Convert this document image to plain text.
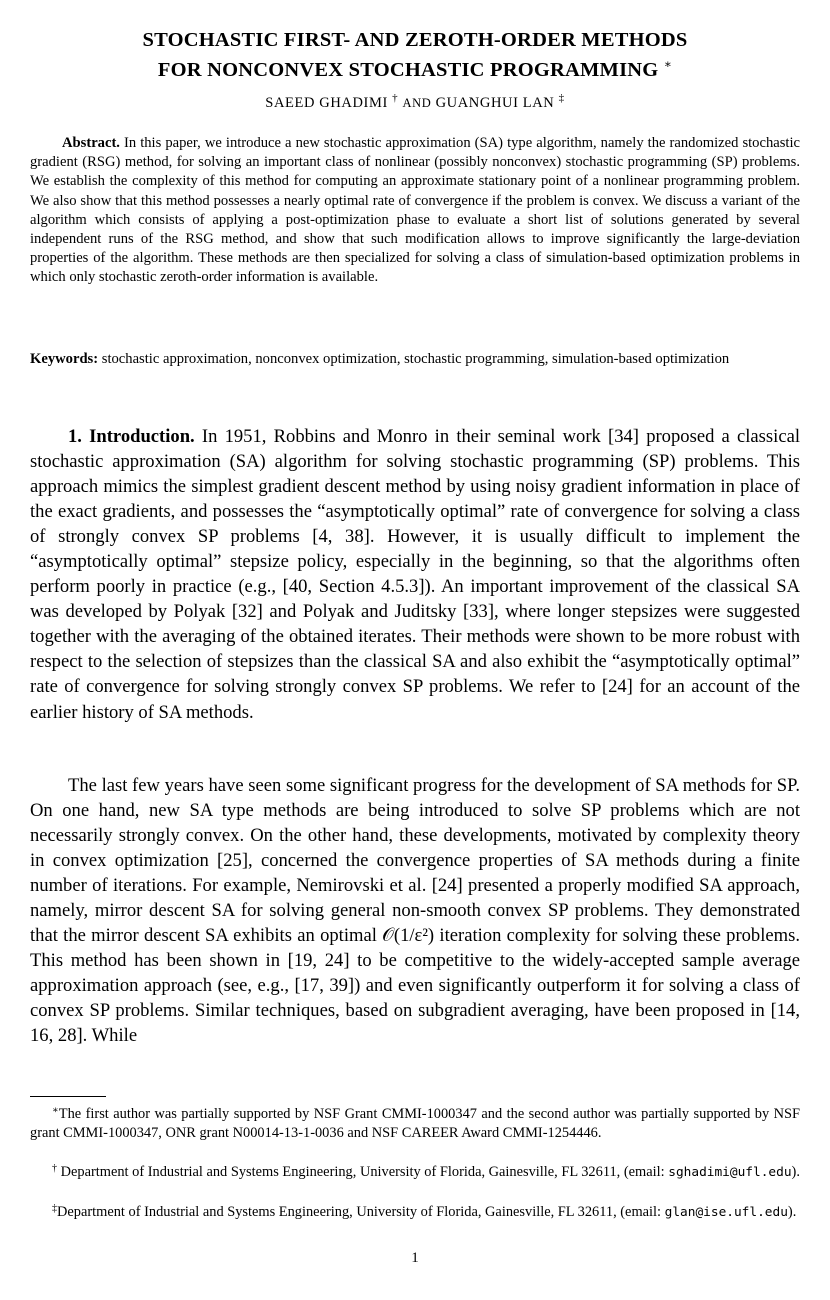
STOCHASTIC FIRST- AND ZEROTH-ORDER METHODS
FOR NONCONVEX STOCHASTIC PROGRAMMING ∗
SAEED GHADIMI † AND GUANGHUI LAN ‡

Abstract. In this paper, we introduce a new stochastic approximation (SA) type algorithm, namely the randomized stochastic gradient (RSG) method, for solving an important class of nonlinear (possibly nonconvex) stochastic programming (SP) problems. We establish the complexity of this method for computing an approximate stationary point of a nonlinear programming problem. We also show that this method possesses a nearly optimal rate of convergence if the problem is convex. We discuss a variant of the algorithm which consists of applying a post-optimization phase to evaluate a short list of solutions generated by several independent runs of the RSG method, and show that such modification allows to improve significantly the large-deviation properties of the algorithm. These methods are then specialized for solving a class of simulation-based optimization problems in which only stochastic zeroth-order information is available.

Keywords: stochastic approximation, nonconvex optimization, stochastic programming, simulation-based optimization

1. Introduction. In 1951, Robbins and Monro in their seminal work [34] proposed a classical stochastic approximation (SA) algorithm for solving stochastic programming (SP) problems. This approach mimics the simplest gradient descent method by using noisy gradient information in place of the exact gradients, and possesses the “asymptotically optimal” rate of convergence for solving a class of strongly convex SP problems [4, 38]. However, it is usually difficult to implement the “asymptotically optimal” stepsize policy, especially in the beginning, so that the algorithms often perform poorly in practice (e.g., [40, Section 4.5.3]). An important improvement of the classical SA was developed by Polyak [32] and Polyak and Juditsky [33], where longer stepsizes were suggested together with the averaging of the obtained iterates. Their methods were shown to be more robust with respect to the selection of stepsizes than the classical SA and also exhibit the “asymptotically optimal” rate of convergence for solving strongly convex SP problems. We refer to [24] for an account of the earlier history of SA methods.

The last few years have seen some significant progress for the development of SA methods for SP. On one hand, new SA type methods are being introduced to solve SP problems which are not necessarily strongly convex. On the other hand, these developments, motivated by complexity theory in convex optimization [25], concerned the convergence properties of SA methods during a finite number of iterations. For example, Nemirovski et al. [24] presented a properly modified SA approach, namely, mirror descent SA for solving general non-smooth convex SP problems. They demonstrated that the mirror descent SA exhibits an optimal 𝒪(1/ε²) iteration complexity for solving these problems. This method has been shown in [19, 24] to be competitive to the widely-accepted sample average approximation approach (see, e.g., [17, 39]) and even significantly outperform it for solving a class of convex SP problems. Similar techniques, based on subgradient averaging, have been proposed in [14, 16, 28]. While

∗The first author was partially supported by NSF Grant CMMI-1000347 and the second author was partially supported by NSF grant CMMI-1000347, ONR grant N00014-13-1-0036 and NSF CAREER Award CMMI-1254446.

† Department of Industrial and Systems Engineering, University of Florida, Gainesville, FL 32611, (email: sghadimi@ufl.edu).

‡Department of Industrial and Systems Engineering, University of Florida, Gainesville, FL 32611, (email: glan@ise.ufl.edu).

1
